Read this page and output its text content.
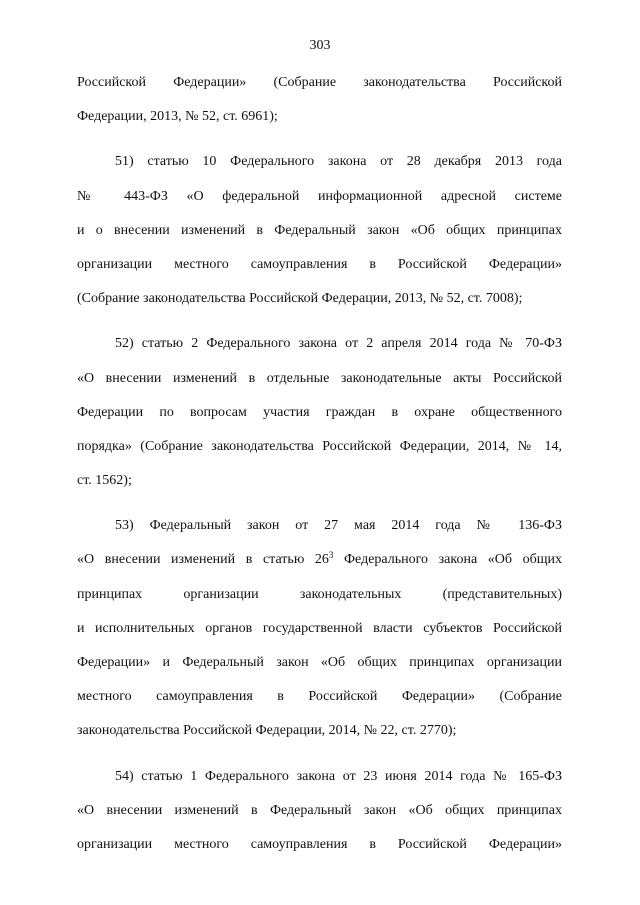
303
Российской Федерации» (Собрание законодательства Российской
Федерации, 2013, № 52, ст. 6961);
51) статью 10 Федерального закона от 28 декабря 2013 года
№ 443-ФЗ «О федеральной информационной адресной системе
и о внесении изменений в Федеральный закон «Об общих принципах
организации местного самоуправления в Российской Федерации»
(Собрание законодательства Российской Федерации, 2013, № 52, ст. 7008);
52) статью 2 Федерального закона от 2 апреля 2014 года № 70-ФЗ
«О внесении изменений в отдельные законодательные акты Российской
Федерации по вопросам участия граждан в охране общественного
порядка» (Собрание законодательства Российской Федерации, 2014, № 14,
ст. 1562);
53) Федеральный закон от 27 мая 2014 года № 136-ФЗ
«О внесении изменений в статью $26^3$ Федерального закона «Об общих
принципах организации законодательных (представительных)
и исполнительных органов государственной власти субъектов Российской
Федерации» и Федеральный закон «Об общих принципах организации
местного самоуправления в Российской Федерации» (Собрание
законодательства Российской Федерации, 2014, № 22, ст. 2770);
54) статью 1 Федерального закона от 23 июня 2014 года № 165-ФЗ
«О внесении изменений в Федеральный закон «Об общих принципах
организации местного самоуправления в Российской Федерации»
